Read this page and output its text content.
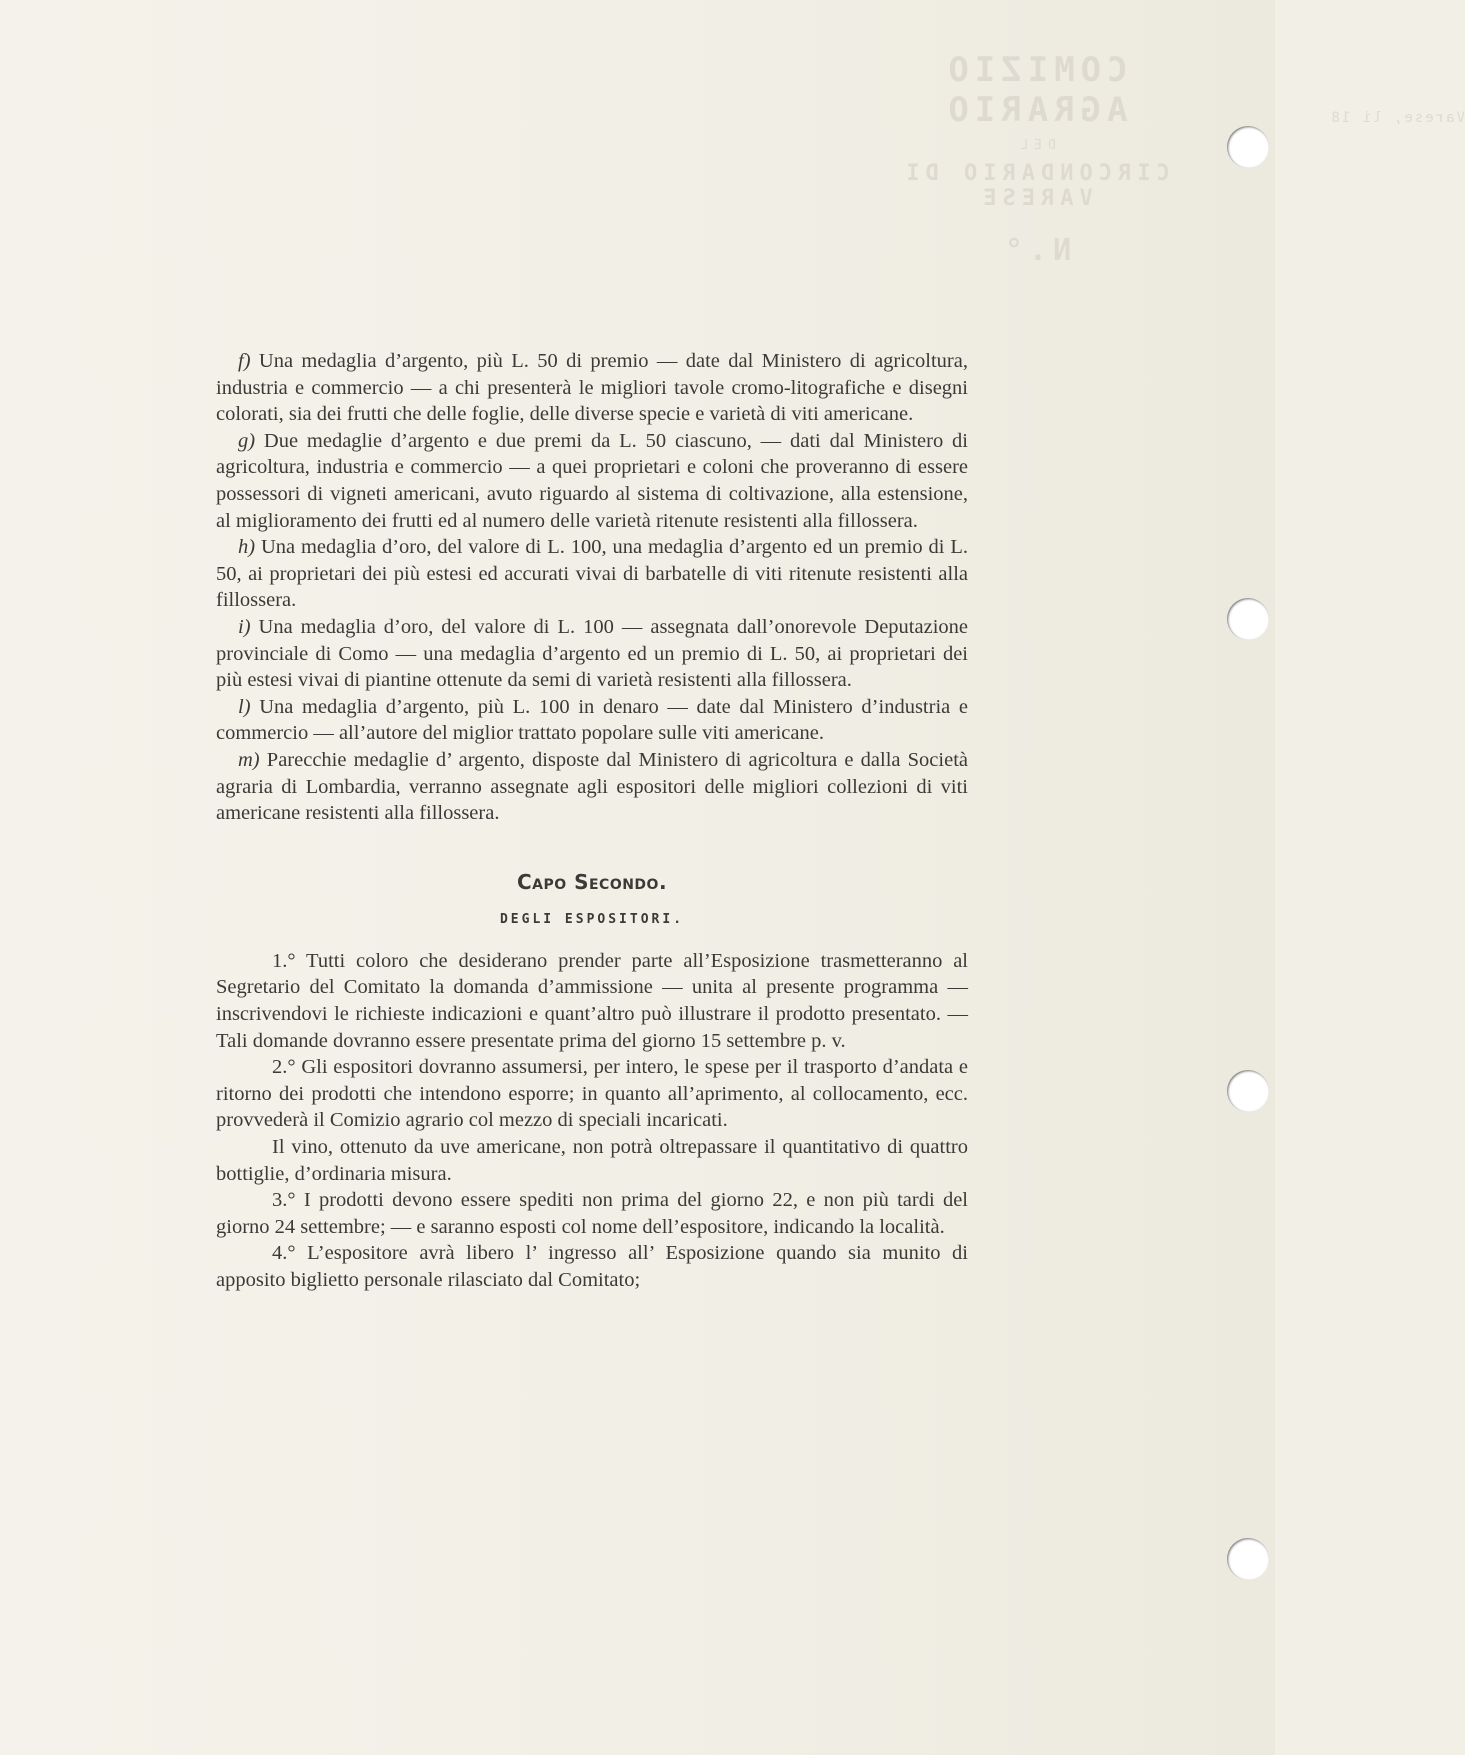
COMIZIO AGRARIO
DEL
CIRCONDARIO DI VARESE
N.°
Varese, li 18

f) Una medaglia d’argento, più L. 50 di premio — date dal Ministero di agricoltura, industria e commercio — a chi presenterà le migliori tavole cromo-litografiche e disegni colorati, sia dei frutti che delle foglie, delle diverse specie e varietà di viti americane.

g) Due medaglie d’argento e due premi da L. 50 ciascuno, — dati dal Ministero di agricoltura, industria e commercio — a quei proprietari e coloni che proveranno di essere possessori di vigneti americani, avuto riguardo al sistema di coltivazione, alla estensione, al miglioramento dei frutti ed al numero delle varietà ritenute resistenti alla fillossera.

h) Una medaglia d’oro, del valore di L. 100, una medaglia d’argento ed un premio di L. 50, ai proprietari dei più estesi ed accurati vivai di barbatelle di viti ritenute resistenti alla fillossera.

i) Una medaglia d’oro, del valore di L. 100 — assegnata dall’onorevole Deputazione provinciale di Como — una medaglia d’argento ed un premio di L. 50, ai proprietari dei più estesi vivai di piantine ottenute da semi di varietà resistenti alla fillossera.

l) Una medaglia d’argento, più L. 100 in denaro — date dal Ministero d’industria e commercio — all’autore del miglior trattato popolare sulle viti americane.

m) Parecchie medaglie d’ argento, disposte dal Ministero di agricoltura e dalla Società agraria di Lombardia, verranno assegnate agli espositori delle migliori collezioni di viti americane resistenti alla fillossera.

Capo Secondo.
DEGLI ESPOSITORI.

1.° Tutti coloro che desiderano prender parte all’Esposizione trasmetteranno al Segretario del Comitato la domanda d’ammissione — unita al presente programma — inscrivendovi le richieste indicazioni e quant’altro può illustrare il prodotto presentato. — Tali domande dovranno essere presentate prima del giorno 15 settembre p. v.

2.° Gli espositori dovranno assumersi, per intero, le spese per il trasporto d’andata e ritorno dei prodotti che intendono esporre; in quanto all’aprimento, al collocamento, ecc. provvederà il Comizio agrario col mezzo di speciali incaricati.

Il vino, ottenuto da uve americane, non potrà oltrepassare il quantitativo di quattro bottiglie, d’ordinaria misura.

3.° I prodotti devono essere spediti non prima del giorno 22, e non più tardi del giorno 24 settembre; — e saranno esposti col nome dell’espositore, indicando la località.

4.° L’espositore avrà libero l’ ingresso all’ Esposizione quando sia munito di apposito biglietto personale rilasciato dal Comitato;
